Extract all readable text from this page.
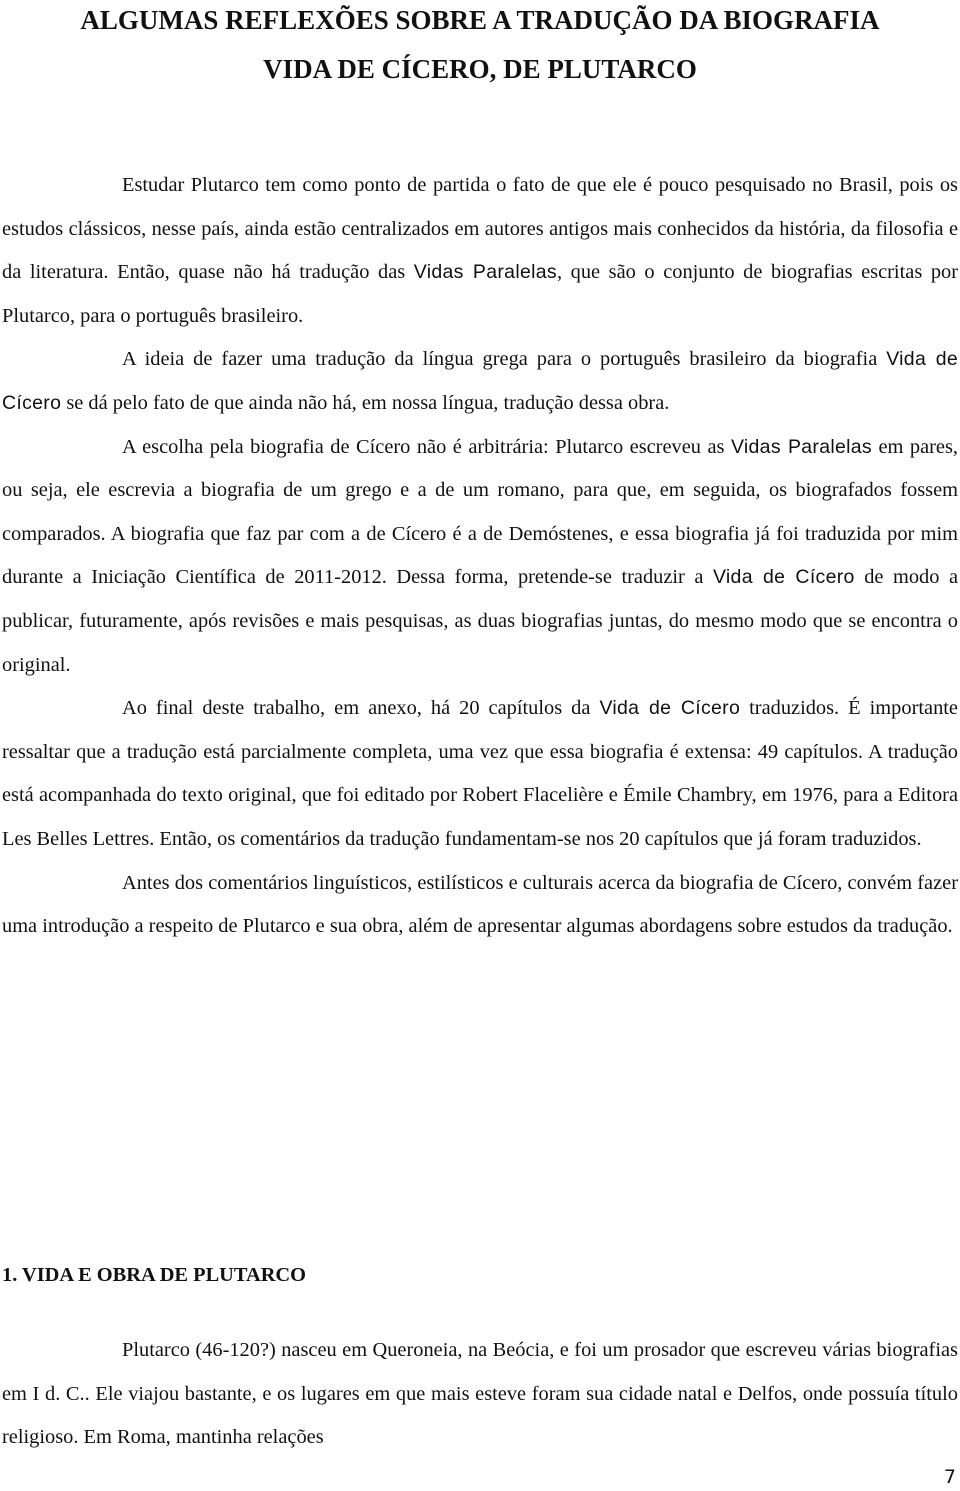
ALGUMAS REFLEXÕES SOBRE A TRADUÇÃO DA BIOGRAFIA
VIDA DE CÍCERO, DE PLUTARCO

Estudar Plutarco tem como ponto de partida o fato de que ele é pouco pesquisado no Brasil, pois os estudos clássicos, nesse país, ainda estão centralizados em autores antigos mais conhecidos da história, da filosofia e da literatura. Então, quase não há tradução das Vidas Paralelas, que são o conjunto de biografias escritas por Plutarco, para o português brasileiro.

A ideia de fazer uma tradução da língua grega para o português brasileiro da biografia Vida de Cícero se dá pelo fato de que ainda não há, em nossa língua, tradução dessa obra.

A escolha pela biografia de Cícero não é arbitrária: Plutarco escreveu as Vidas Paralelas em pares, ou seja, ele escrevia a biografia de um grego e a de um romano, para que, em seguida, os biografados fossem comparados. A biografia que faz par com a de Cícero é a de Demóstenes, e essa biografia já foi traduzida por mim durante a Iniciação Científica de 2011-2012. Dessa forma, pretende-se traduzir a Vida de Cícero de modo a publicar, futuramente, após revisões e mais pesquisas, as duas biografias juntas, do mesmo modo que se encontra o original.

Ao final deste trabalho, em anexo, há 20 capítulos da Vida de Cícero traduzidos. É importante ressaltar que a tradução está parcialmente completa, uma vez que essa biografia é extensa: 49 capítulos. A tradução está acompanhada do texto original, que foi editado por Robert Flacelière e Émile Chambry, em 1976, para a Editora Les Belles Lettres. Então, os comentários da tradução fundamentam-se nos 20 capítulos que já foram traduzidos.

Antes dos comentários linguísticos, estilísticos e culturais acerca da biografia de Cícero, convém fazer uma introdução a respeito de Plutarco e sua obra, além de apresentar algumas abordagens sobre estudos da tradução.

1. VIDA E OBRA DE PLUTARCO

Plutarco (46-120?) nasceu em Queroneia, na Beócia, e foi um prosador que escreveu várias biografias em I d. C.. Ele viajou bastante, e os lugares em que mais esteve foram sua cidade natal e Delfos, onde possuía título religioso. Em Roma, mantinha relações

7
